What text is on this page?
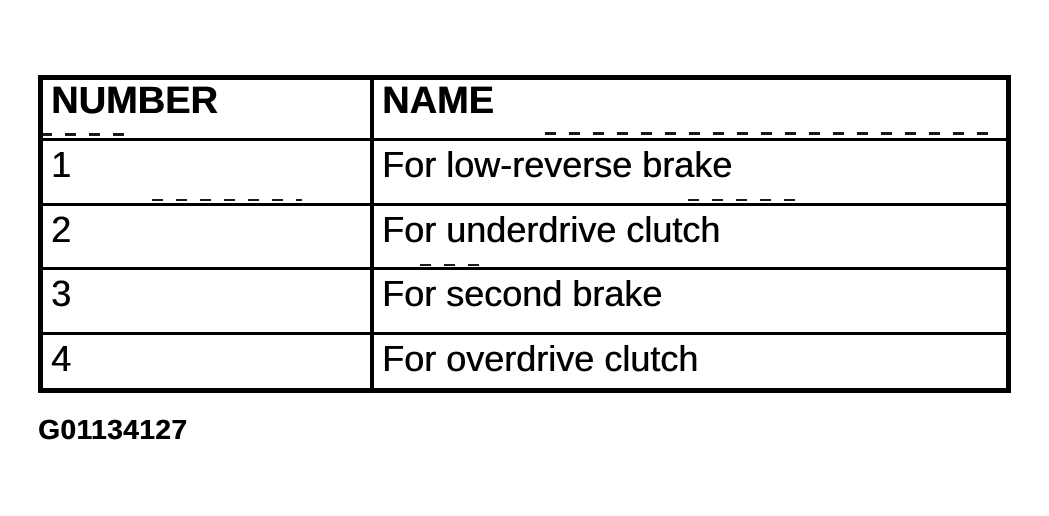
NUMBER	NAME
1	For low-reverse brake
2	For underdrive clutch
3	For second brake
4	For overdrive clutch
G01134127
